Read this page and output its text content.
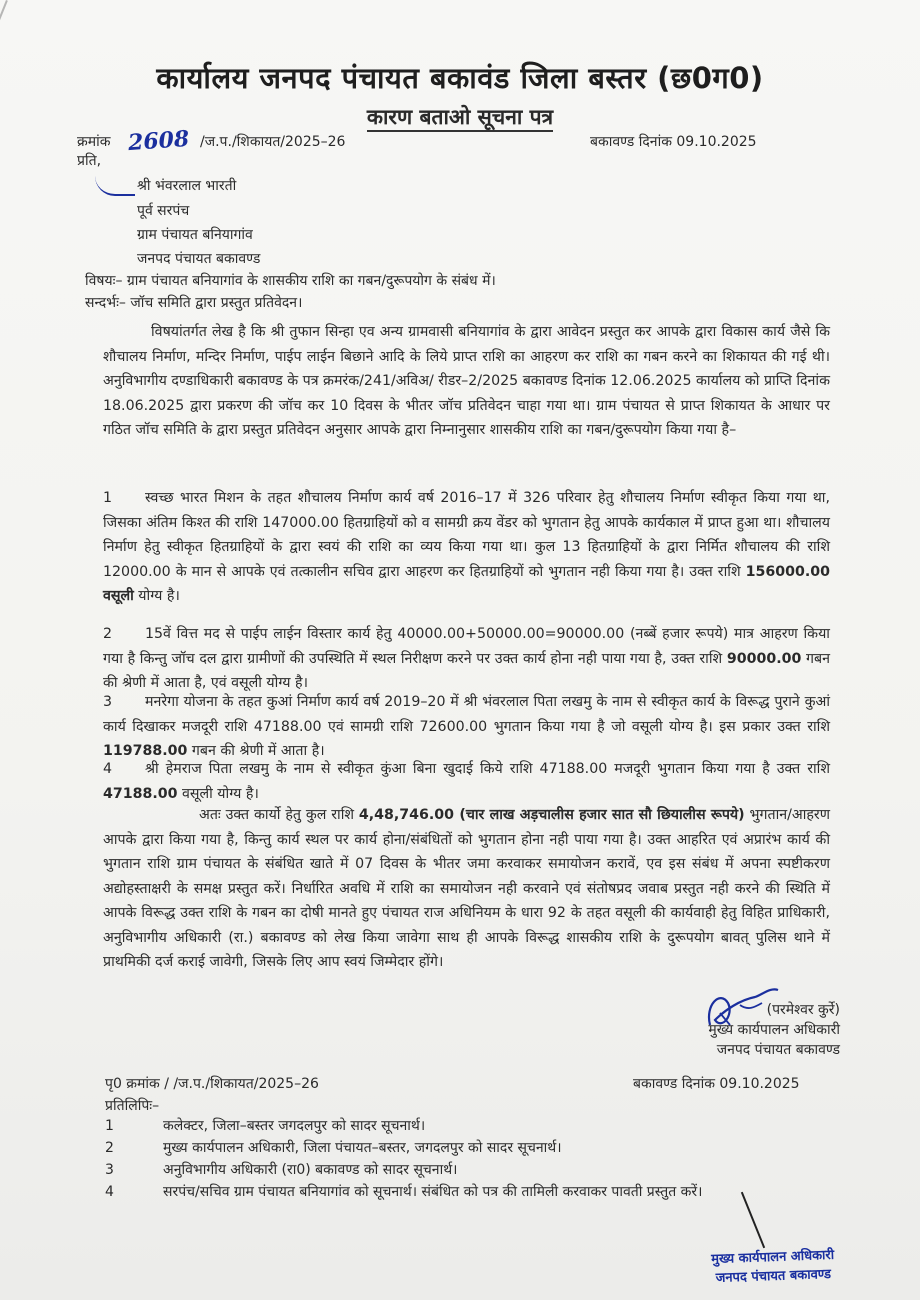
कार्यालय जनपद पंचायत बकावंड जिला बस्तर (छ0ग0)
कारण बताओ सूचना पत्र
क्रमांक 2608 /ज.प./शिकायत/2025–26	बकावण्ड दिनांक 09.10.2025
प्रति,
श्री भंवरलाल भारती
पूर्व सरपंच
ग्राम पंचायत बनियागांव
जनपद पंचायत बकावण्ड
विषयः– ग्राम पंचायत बनियागांव के शासकीय राशि का गबन/दुरूपयोग के संबंध में।
सन्दर्भः– जॉच समिति द्वारा प्रस्तुत प्रतिवेदन।
विषयांतर्गत लेख है कि श्री तुफान सिन्हा एव अन्य ग्रामवासी बनियागांव के द्वारा आवेदन प्रस्तुत कर आपके द्वारा विकास कार्य जैसे कि शौचालय निर्माण, मन्दिर निर्माण, पाईप लाईन बिछाने आदि के लिये प्राप्त राशि का आहरण कर राशि का गबन करने का शिकायत की गई थी। अनुविभागीय दण्डाधिकारी बकावण्ड के पत्र क्रमरंक/241/अविअ/ रीडर–2/2025 बकावण्ड दिनांक 12.06.2025 कार्यालय को प्राप्ति दिनांक 18.06.2025 द्वारा प्रकरण की जॉच कर 10 दिवस के भीतर जॉच प्रतिवेदन चाहा गया था। ग्राम पंचायत से प्राप्त शिकायत के आधार पर गठित जॉच समिति के द्वारा प्रस्तुत प्रतिवेदन अनुसार आपके द्वारा निम्नानुसार शासकीय राशि का गबन/दुरूपयोग किया गया है–
1 स्वच्छ भारत मिशन के तहत शौचालय निर्माण कार्य वर्ष 2016–17 में 326 परिवार हेतु शौचालय निर्माण स्वीकृत किया गया था, जिसका अंतिम किश्त की राशि 147000.00 हितग्राहियों को व सामग्री क्रय वेंडर को भुगतान हेतु आपके कार्यकाल में प्राप्त हुआ था। शौचालय निर्माण हेतु स्वीकृत हितग्राहियों के द्वारा स्वयं की राशि का व्यय किया गया था। कुल 13 हितग्राहियों के द्वारा निर्मित शौचालय की राशि 12000.00 के मान से आपके एवं तत्कालीन सचिव द्वारा आहरण कर हितग्राहियों को भुगतान नही किया गया है। उक्त राशि 156000.00 वसूली योग्य है।
2 15वें वित्त मद से पाईप लाईन विस्तार कार्य हेतु 40000.00+50000.00=90000.00 (नब्बें हजार रूपये) मात्र आहरण किया गया है किन्तु जॉच दल द्वारा ग्रामीणों की उपस्थिति में स्थल निरीक्षण करने पर उक्त कार्य होना नही पाया गया है, उक्त राशि 90000.00 गबन की श्रेणी में आता है, एवं वसूली योग्य है।
3 मनरेगा योजना के तहत कुआं निर्माण कार्य वर्ष 2019–20 में श्री भंवरलाल पिता लखमु के नाम से स्वीकृत कार्य के विरूद्ध पुराने कुआं कार्य दिखाकर मजदूरी राशि 47188.00 एवं सामग्री राशि 72600.00 भुगतान किया गया है जो वसूली योग्य है। इस प्रकार उक्त राशि 119788.00 गबन की श्रेणी में आता है।
4 श्री हेमराज पिता लखमु के नाम से स्वीकृत कुंआ बिना खुदाई किये राशि 47188.00 मजदूरी भुगतान किया गया है उक्त राशि 47188.00 वसूली योग्य है।
अतः उक्त कार्यो हेतु कुल राशि 4,48,746.00 (चार लाख अड़चालीस हजार सात सौ छियालीस रूपये) भुगतान/आहरण आपके द्वारा किया गया है, किन्तु कार्य स्थल पर कार्य होना/संबंधितों को भुगतान होना नही पाया गया है। उक्त आहरित एवं अप्रारंभ कार्य की भुगतान राशि ग्राम पंचायत के संबंधित खाते में 07 दिवस के भीतर जमा करवाकर समायोजन करावें, एव इस संबंध में अपना स्पष्टीकरण अद्योहस्ताक्षरी के समक्ष प्रस्तुत करें। निर्धारित अवधि में राशि का समायोजन नही करवाने एवं संतोषप्रद जवाब प्रस्तुत नही करने की स्थिति में आपके विरूद्ध उक्त राशि के गबन का दोषी मानते हुए पंचायत राज अधिनियम के धारा 92 के तहत वसूली की कार्यवाही हेतु विहित प्राधिकारी, अनुविभागीय अधिकारी (रा.) बकावण्ड को लेख किया जावेगा साथ ही आपके विरूद्ध शासकीय राशि के दुरूपयोग बावत् पुलिस थाने में प्राथमिकी दर्ज कराई जावेगी, जिसके लिए आप स्वयं जिम्मेदार होंगे।
(परमेश्वर कुर्रे)
मुख्य कार्यपालन अधिकारी
जनपद पंचायत बकावण्ड
पृ0 क्रमांक / /ज.प./शिकायत/2025–26	बकावण्ड दिनांक 09.10.2025
प्रतिलिपिः–
1	कलेक्टर, जिला–बस्तर जगदलपुर को सादर सूचनार्थ।
2	मुख्य कार्यपालन अधिकारी, जिला पंचायत–बस्तर, जगदलपुर को सादर सूचनार्थ।
3	अनुविभागीय अधिकारी (रा0) बकावण्ड को सादर सूचनार्थ।
4	सरपंच/सचिव ग्राम पंचायत बनियागांव को सूचनार्थ। संबंधित को पत्र की तामिली करवाकर पावती प्रस्तुत करें।
मुख्य कार्यपालन अधिकारी
जनपद पंचायत बकावण्ड
